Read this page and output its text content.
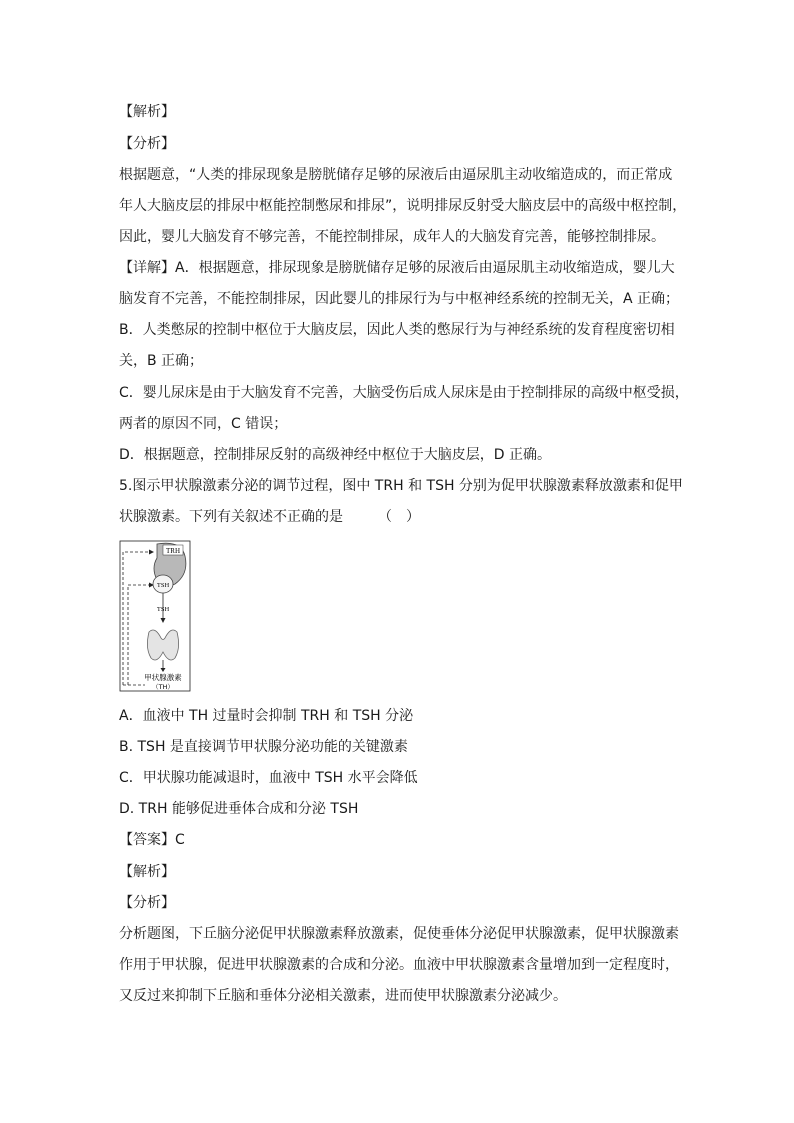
【解析】
【分析】
根据题意，“人类的排尿现象是膀胱储存足够的尿液后由逼尿肌主动收缩造成的，而正常成
年人大脑皮层的排尿中枢能控制憋尿和排尿”，说明排尿反射受大脑皮层中的高级中枢控制，
因此，婴儿大脑发育不够完善，不能控制排尿，成年人的大脑发育完善，能够控制排尿。
【详解】A．根据题意，排尿现象是膀胱储存足够的尿液后由逼尿肌主动收缩造成，婴儿大
脑发育不完善，不能控制排尿，因此婴儿的排尿行为与中枢神经系统的控制无关，A 正确；
B．人类憋尿的控制中枢位于大脑皮层，因此人类的憋尿行为与神经系统的发育程度密切相
关，B 正确；
C．婴儿尿床是由于大脑发育不完善，大脑受伤后成人尿床是由于控制排尿的高级中枢受损，
两者的原因不同，C 错误；
D．根据题意，控制排尿反射的高级神经中枢位于大脑皮层，D 正确。
5.图示甲状腺激素分泌的调节过程，图中 TRH 和 TSH 分别为促甲状腺激素释放激素和促甲
状腺激素。下列有关叙述不正确的是　　　（　）
TRH
TSH
TSH
甲状腺激素
（TH）
A．血液中 TH 过量时会抑制 TRH 和 TSH 分泌
B. TSH 是直接调节甲状腺分泌功能的关键激素
C．甲状腺功能减退时，血液中 TSH 水平会降低
D. TRH 能够促进垂体合成和分泌 TSH
【答案】C
【解析】
【分析】
分析题图，下丘脑分泌促甲状腺激素释放激素，促使垂体分泌促甲状腺激素，促甲状腺激素
作用于甲状腺，促进甲状腺激素的合成和分泌。血液中甲状腺激素含量增加到一定程度时，
又反过来抑制下丘脑和垂体分泌相关激素，进而使甲状腺激素分泌减少。
